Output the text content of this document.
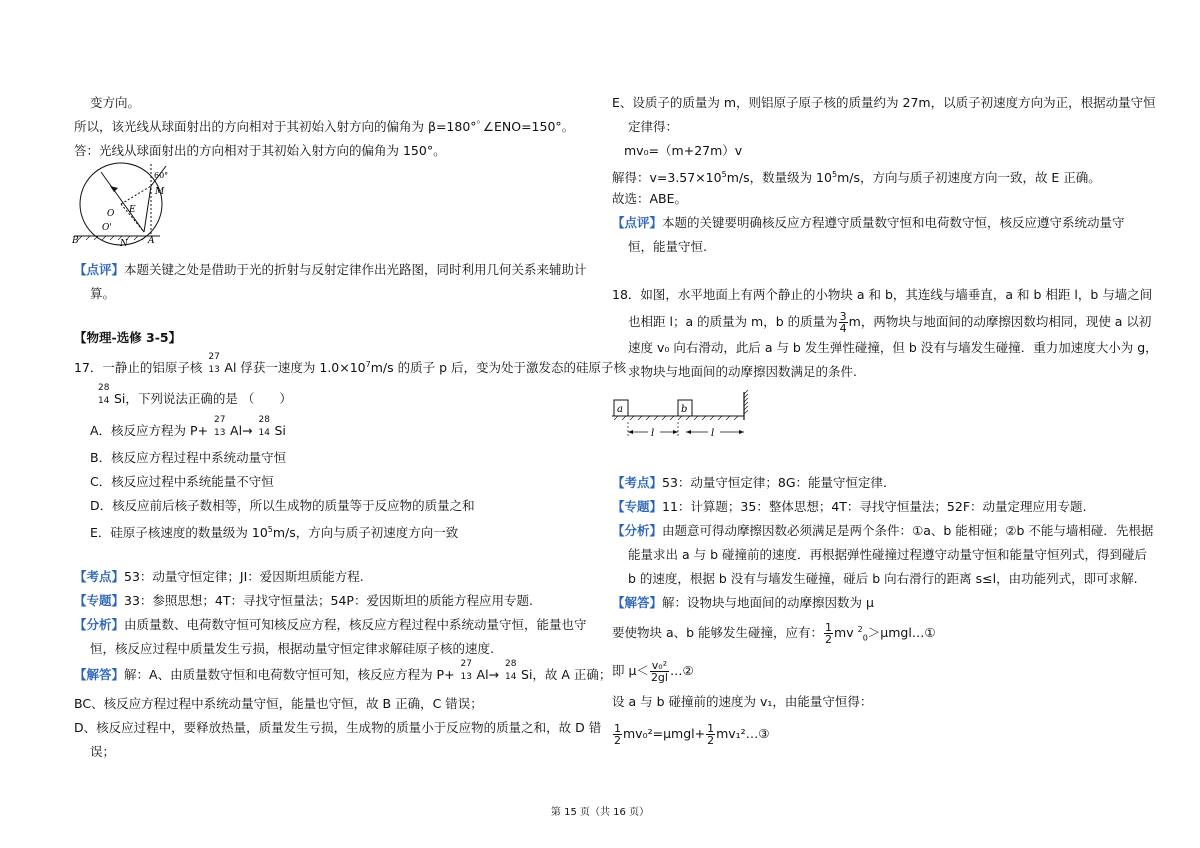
变方向。
所以，该光线从球面射出的方向相对于其初始入射方向的偏角为 β=180°ﾟ∠ENO=150°。
答：光线从球面射出的方向相对于其初始入射方向的偏角为 150°。
60°
M
E
O
O'
B	A
N
【点评】本题关键之处是借助于光的折射与反射定律作出光路图，同时利用几何关系来辅助计
算。
【物理-选修 3-5】
17．一静止的铝原子核
27
13 Al 俘获一速度为 $1.0\times 10^7m/s$ 的质子 p 后，变为处于激发态的硅原子核
28
14 Si，下列说法正确的是 （　　）
A．核反应方程为 P+
27
13 Al→
28
14 Si
B．核反应方程过程中系统动量守恒
C．核反应过程中系统能量不守恒
D．核反应前后核子数相等，所以生成物的质量等于反应物的质量之和
E．硅原子核速度的数量级为 $10^5m/s$，方向与质子初速度方向一致
【考点】53：动量守恒定律；JI：爱因斯坦质能方程.
【专题】33：参照思想；4T：寻找守恒量法；54P：爱因斯坦的质能方程应用专题.
【分析】由质量数、电荷数守恒可知核反应方程，核反应方程过程中系统动量守恒，能量也守
恒，核反应过程中质量发生亏损，根据动量守恒定律求解硅原子核的速度.
【解答】解：A、由质量数守恒和电荷数守恒可知，核反应方程为 P+
27
13 Al→
28
14 Si，故 A 正确；
BC、核反应方程过程中系统动量守恒，能量也守恒，故 B 正确，C 错误；
D、核反应过程中，要释放热量，质量发生亏损，生成物的质量小于反应物的质量之和，故 D 错
误；
E、设质子的质量为 m，则铝原子原子核的质量约为 27m，以质子初速度方向为正，根据动量守恒
定律得：
mv₀=（m+27m）v
解得：$v=3.57\times 10^5m/s$，数量级为 $10^5m/s$，方向与质子初速度方向一致，故 E 正确。
故选：ABE。
【点评】本题的关键要明确核反应方程遵守质量数守恒和电荷数守恒，核反应遵守系统动量守
恒，能量守恒.
18．如图，水平地面上有两个静止的小物块 a 和 b，其连线与墙垂直，a 和 b 相距 l，b 与墙之间
也相距 l；a 的质量为 m，b 的质量为 $\frac{3}{4}$ m，两物块与地面间的动摩擦因数均相同，现使 a 以初
速度 v₀ 向右滑动，此后 a 与 b 发生弹性碰撞，但 b 没有与墙发生碰撞．重力加速度大小为 g，
求物块与地面间的动摩擦因数满足的条件.
a	b
l	l
【考点】53：动量守恒定律；8G：能量守恒定律.
【专题】11：计算题；35：整体思想；4T：寻找守恒量法；52F：动量定理应用专题.
【分析】由题意可得动摩擦因数必须满足是两个条件：①a、b 能相碰；②b 不能与墙相碰．先根据
能量求出 a 与 b 碰撞前的速度．再根据弹性碰撞过程遵守动量守恒和能量守恒列式，得到碰后
b 的速度，根据 b 没有与墙发生碰撞，碰后 b 向右滑行的距离 s≤l，由功能列式，即可求解.
【解答】解：设物块与地面间的动摩擦因数为 μ
要使物块 a、b 能够发生碰撞，应有： $\frac{1}{2}$ mv $^2_0$＞μmgl…①
即 $\mu< \frac{\text{v₀²}}{2gl}$ …②
设 a 与 b 碰撞前的速度为 v₁，由能量守恒得：
$\frac{1}{2} mv_0^2=\mu mgl+ \frac{1}{2}$ mv₁²…③
第 15 页（共 16 页）
